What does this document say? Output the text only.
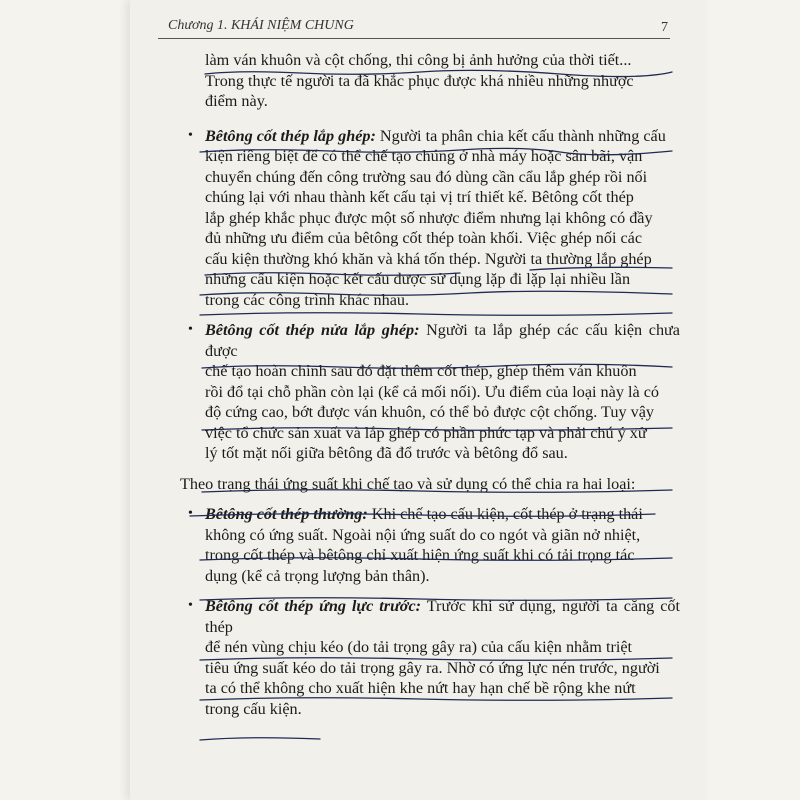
Chương 1. KHÁI NIỆM CHUNG	7

làm ván khuôn và cột chống, thi công bị ảnh hưởng của thời tiết...

Trong thực tế người ta đã khắc phục được khá nhiều những nhược

điểm này.

• Bêtông cốt thép lắp ghép: Người ta phân chia kết cấu thành những cấu

kiện riêng biệt để có thể chế tạo chúng ở nhà máy hoặc sân bãi, vận

chuyển chúng đến công trường sau đó dùng cần cẩu lắp ghép rồi nối

chúng lại với nhau thành kết cấu tại vị trí thiết kế. Bêtông cốt thép

lắp ghép khắc phục được một số nhược điểm nhưng lại không có đầy

đủ những ưu điểm của bêtông cốt thép toàn khối. Việc ghép nối các

cấu kiện thường khó khăn và khá tốn thép. Người ta thường lắp ghép

những cấu kiện hoặc kết cấu được sử dụng lặp đi lặp lại nhiều lần

trong các công trình khác nhau.

• Bêtông cốt thép nửa lắp ghép: Người ta lắp ghép các cấu kiện chưa được

chế tạo hoàn chỉnh sau đó đặt thêm cốt thép, ghép thêm ván khuôn

rồi đổ tại chỗ phần còn lại (kể cả mối nối). Ưu điểm của loại này là có

độ cứng cao, bớt được ván khuôn, có thể bỏ được cột chống. Tuy vậy

việc tổ chức sản xuất và lắp ghép có phần phức tạp và phải chú ý xử

lý tốt mặt nối giữa bêtông đã đổ trước và bêtông đổ sau.

Theo trạng thái ứng suất khi chế tạo và sử dụng có thể chia ra hai loại:

• Bêtông cốt thép thường: Khi chế tạo cấu kiện, cốt thép ở trạng thái

không có ứng suất. Ngoài nội ứng suất do co ngót và giãn nở nhiệt,

trong cốt thép và bêtông chỉ xuất hiện ứng suất khi có tải trọng tác

dụng (kể cả trọng lượng bản thân).

• Bêtông cốt thép ứng lực trước: Trước khi sử dụng, người ta căng cốt thép

để nén vùng chịu kéo (do tải trọng gây ra) của cấu kiện nhằm triệt

tiêu ứng suất kéo do tải trọng gây ra. Nhờ có ứng lực nén trước, người

ta có thể không cho xuất hiện khe nứt hay hạn chế bề rộng khe nứt

trong cấu kiện.
